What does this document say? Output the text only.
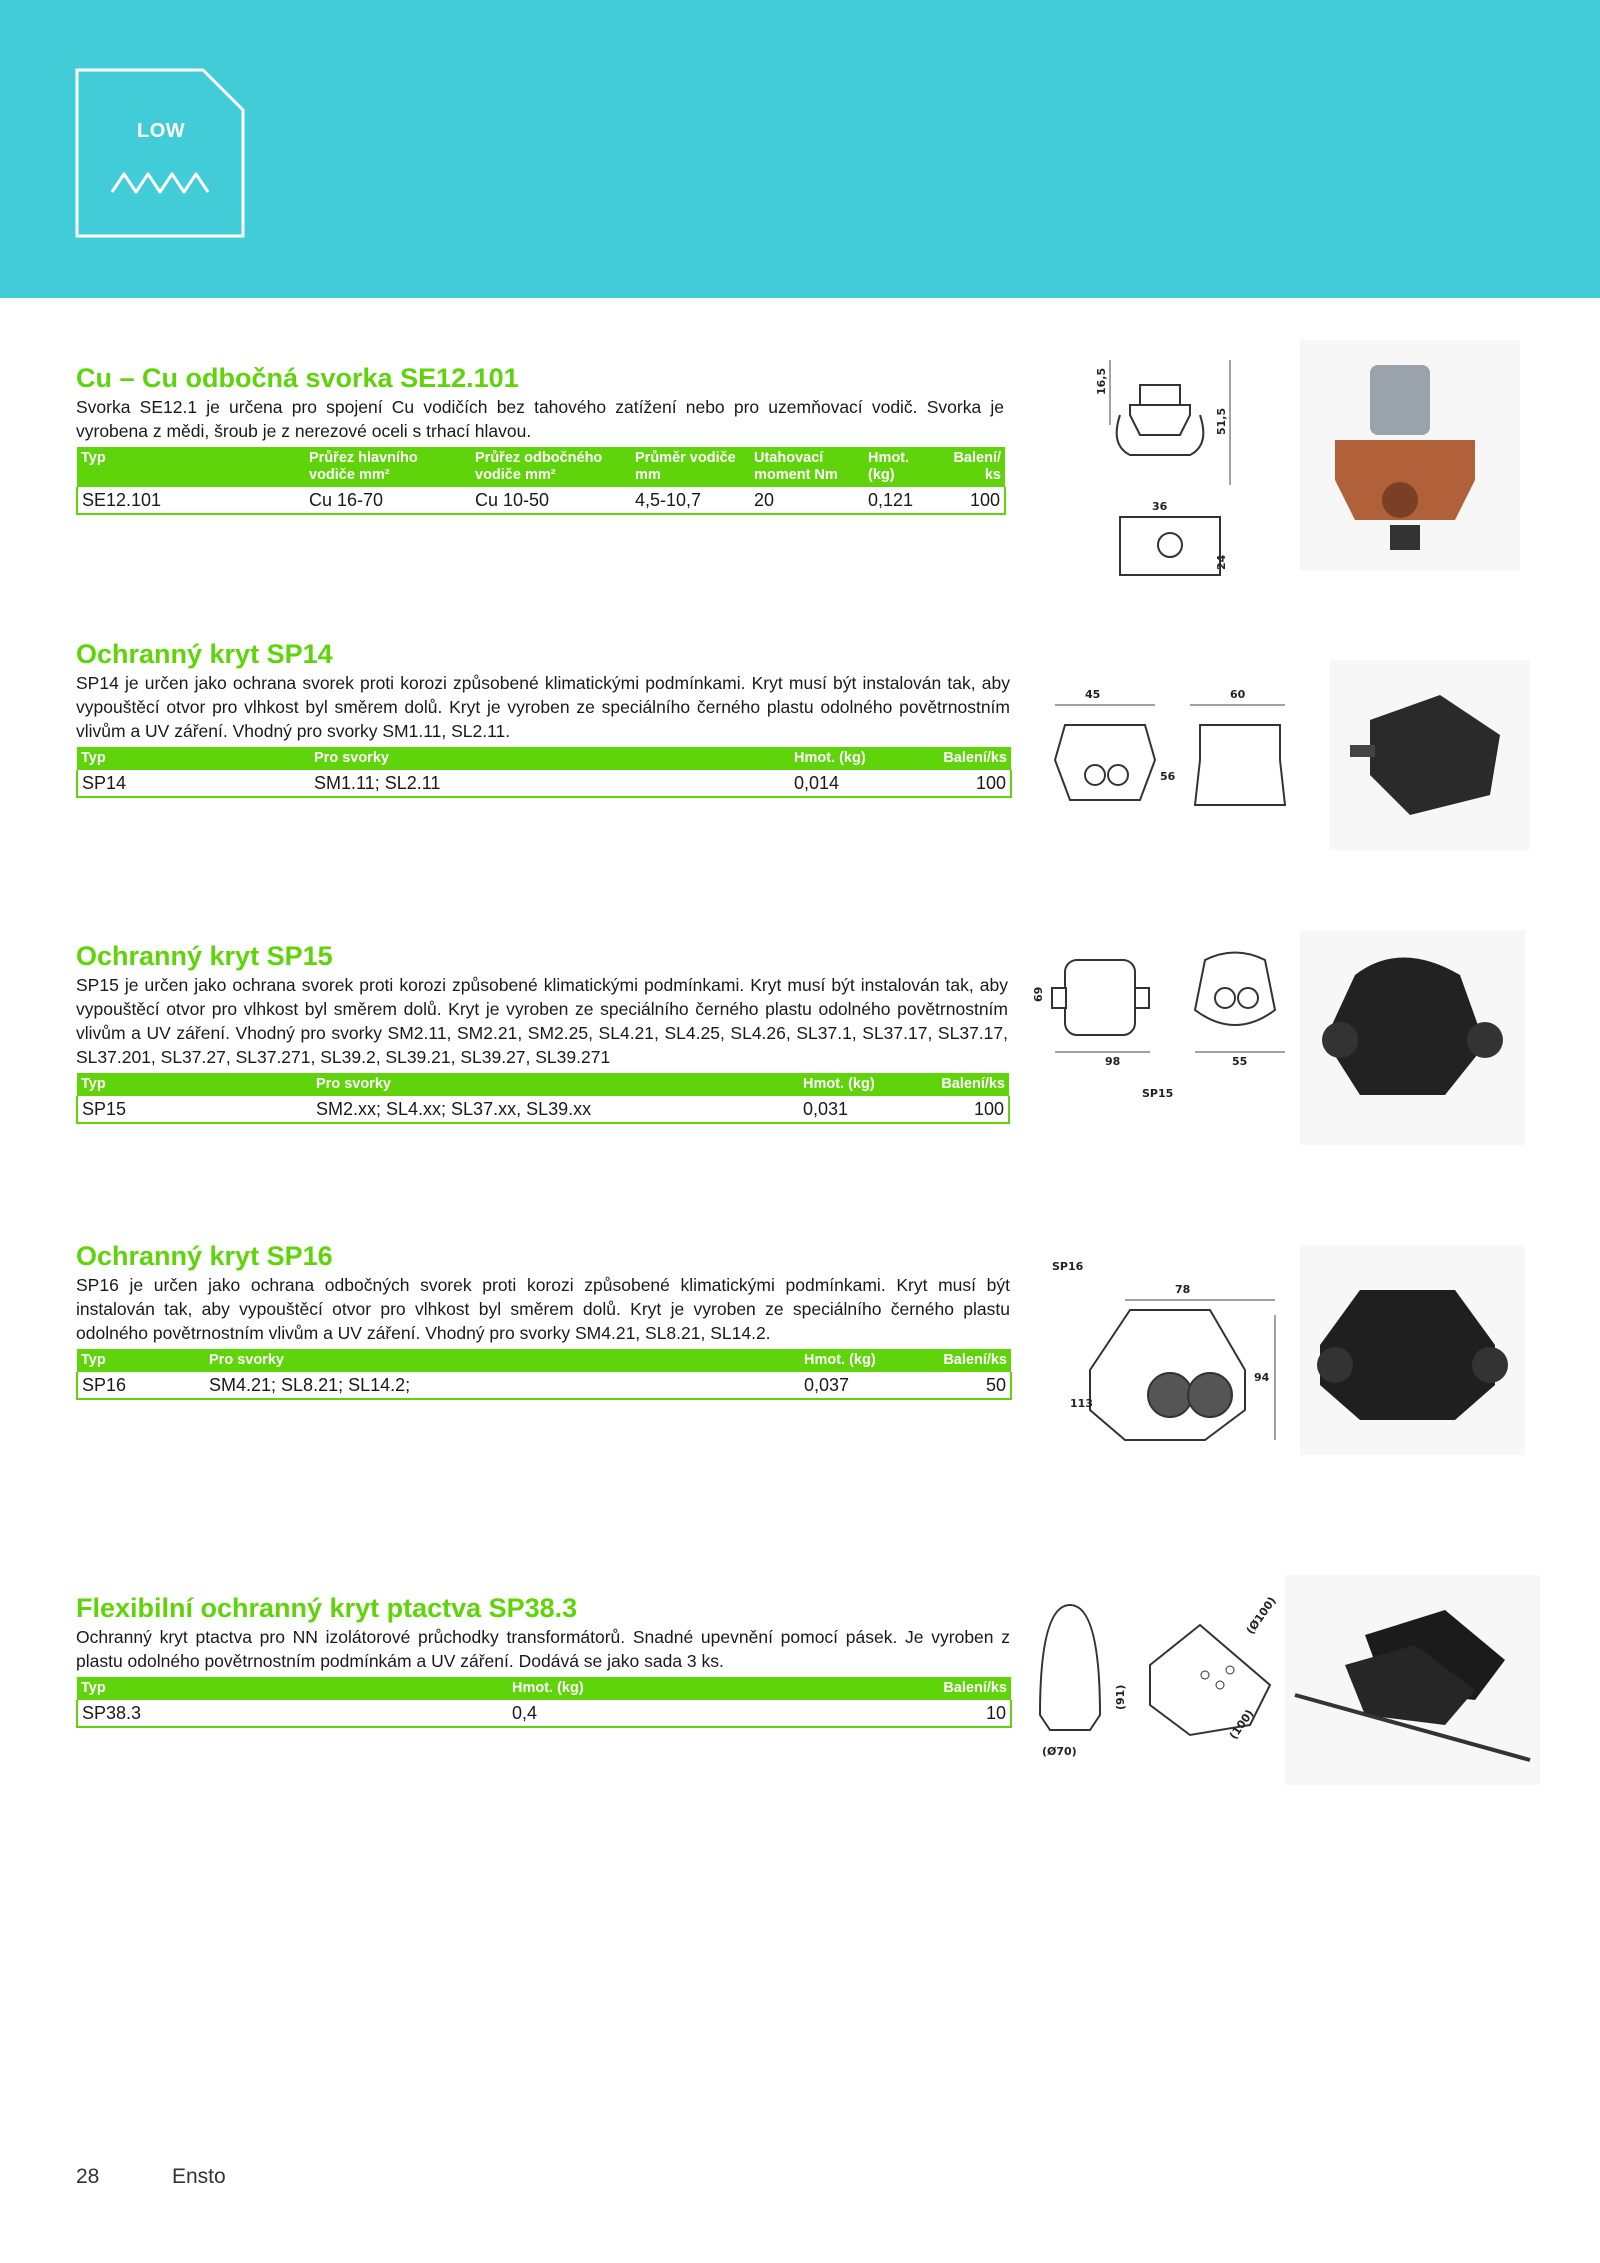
LOW
Cu – Cu odbočná svorka SE12.101

Svorka SE12.1 je určena pro spojení Cu vodičích bez tahového zatížení nebo pro uzemňovací vodič. Svorka je vyrobena z mědi, šroub je z nerezové oceli s trhací hlavou.

Typ	Průřez hlavního vodiče mm²	Průřez odbočného vodiče mm²	Průměr vodiče mm	Utahovací moment Nm	Hmot. (kg)	Balení/ ks
SE12.101	Cu 16-70	Cu 10-50	4,5-10,7	20	0,121	100
16,5
51,5
36
24
Ochranný kryt SP14

SP14 je určen jako ochrana svorek proti korozi způsobené klimatickými podmínkami. Kryt musí být instalován tak, aby vypouštěcí otvor pro vlhkost byl směrem dolů. Kryt je vyroben ze speciálního černého plastu odolného povětrnostním vlivům a UV záření. Vhodný pro svorky SM1.11, SL2.11.

Typ	Pro svorky	Hmot. (kg)	Balení/ks
SP14	SM1.11; SL2.11	0,014	100
45	60
56
Ochranný kryt SP15

SP15 je určen jako ochrana svorek proti korozi způsobené klimatickými podmínkami. Kryt musí být instalován tak, aby vypouštěcí otvor pro vlhkost byl směrem dolů. Kryt je vyroben ze speciálního černého plastu odolného povětrnostním vlivům a UV záření. Vhodný pro svorky SM2.11, SM2.21, SM2.25, SL4.21, SL4.25, SL4.26, SL37.1, SL37.17, SL37.17, SL37.201, SL37.27, SL37.271, SL39.2, SL39.21, SL39.27, SL39.271

Typ	Pro svorky	Hmot. (kg)	Balení/ks
SP15	SM2.xx; SL4.xx; SL37.xx, SL39.xx	0,031	100
69
98	55
SP15
Ochranný kryt SP16

SP16 je určen jako ochrana odbočných svorek proti korozi způsobené klimatickými podmínkami. Kryt musí být instalován tak, aby vypouštěcí otvor pro vlhkost byl směrem dolů. Kryt je vyroben ze speciálního černého plastu odolného povětrnostním vlivům a UV záření. Vhodný pro svorky SM4.21, SL8.21, SL14.2.

Typ	Pro svorky	Hmot. (kg)	Balení/ks
SP16	SM4.21; SL8.21; SL14.2;	0,037	50
SP16
78
94
113
Flexibilní ochranný kryt ptactva SP38.3

Ochranný kryt ptactva pro NN izolátorové průchodky transformátorů. Snadné upevnění pomocí pásek. Je vyroben z plastu odolného povětrnostním podmínkám a UV záření. Dodává se jako sada 3 ks.

Typ	Hmot. (kg)	Balení/ks
SP38.3	0,4	10
(Ø70)
(91)
(Ø100)
(100)
28	Ensto
